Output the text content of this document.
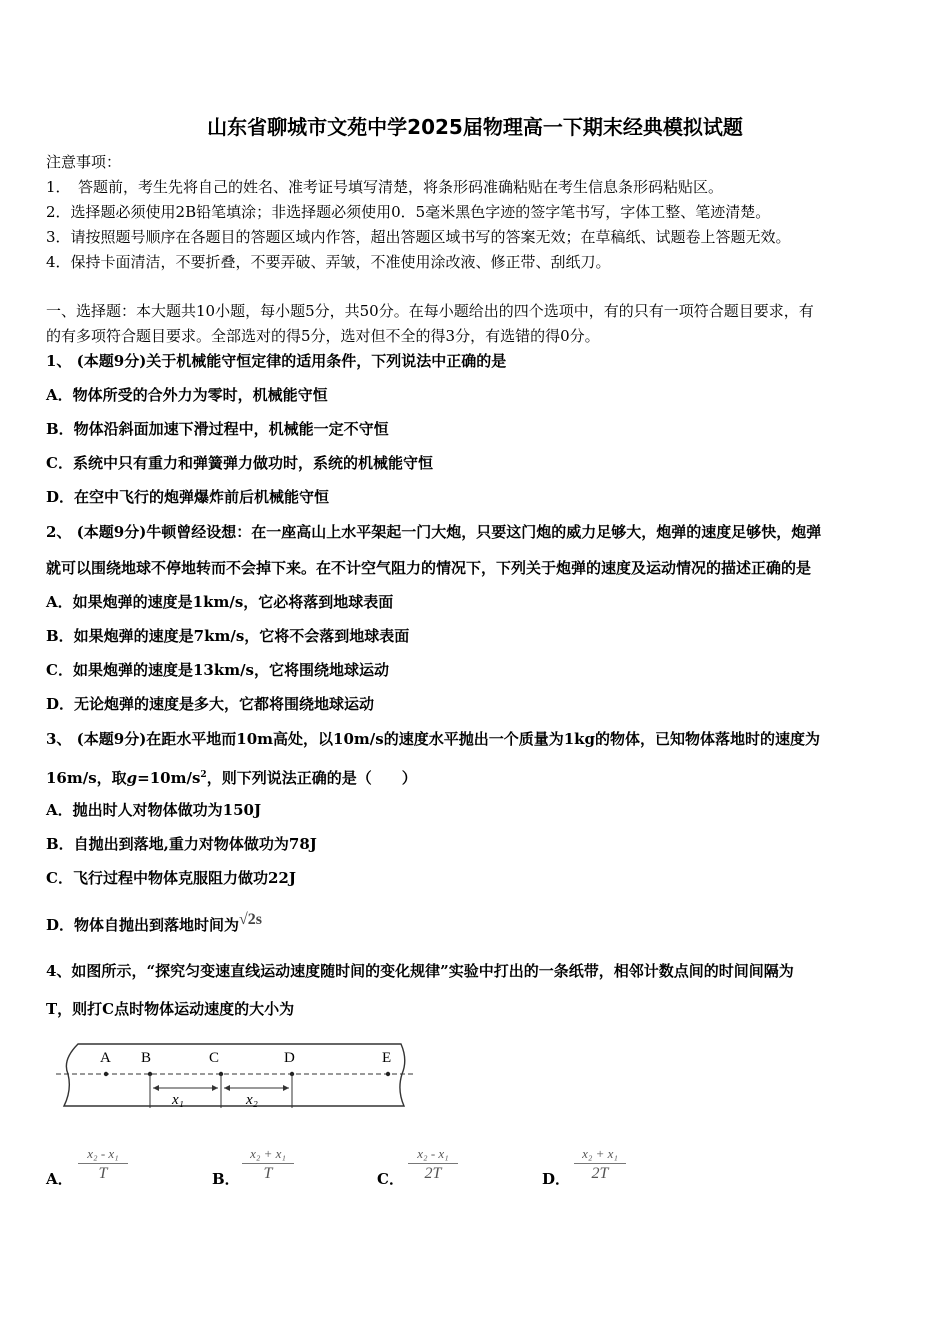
山东省聊城市文苑中学2025届物理高一下期末经典模拟试题
注意事项：
1．　答题前，考生先将自己的姓名、准考证号填写清楚，将条形码准确粘贴在考生信息条形码粘贴区。
2．选择题必须使用2B铅笔填涂；非选择题必须使用0．5毫米黑色字迹的签字笔书写，字体工整、笔迹清楚。
3．请按照题号顺序在各题目的答题区域内作答，超出答题区域书写的答案无效；在草稿纸、试题卷上答题无效。
4．保持卡面清洁，不要折叠，不要弄破、弄皱，不准使用涂改液、修正带、刮纸刀。
一、选择题：本大题共10小题，每小题5分，共50分。在每小题给出的四个选项中，有的只有一项符合题目要求，有
的有多项符合题目要求。全部选对的得5分，选对但不全的得3分，有选错的得0分。
1、 (本题9分)关于机械能守恒定律的适用条件，下列说法中正确的是
A．物体所受的合外力为零时，机械能守恒
B．物体沿斜面加速下滑过程中，机械能一定不守恒
C．系统中只有重力和弹簧弹力做功时，系统的机械能守恒
D．在空中飞行的炮弹爆炸前后机械能守恒
2、 (本题9分)牛顿曾经设想：在一座高山上水平架起一门大炮，只要这门炮的威力足够大，炮弹的速度足够快，炮弹
就可以围绕地球不停地转而不会掉下来。在不计空气阻力的情况下，下列关于炮弹的速度及运动情况的描述正确的是
A．如果炮弹的速度是1km/s，它必将落到地球表面
B．如果炮弹的速度是7km/s，它将不会落到地球表面
C．如果炮弹的速度是13km/s，它将围绕地球运动
D．无论炮弹的速度是多大，它都将围绕地球运动
3、 (本题9分)在距水平地而10m高处，以10m/s的速度水平抛出一个质量为1kg的物体，已知物体落地时的速度为
16m/s，取$g=10m/s^2$，则下列说法正确的是（　　）
A．抛出时人对物体做功为150J
B．自抛出到落地,重力对物体做功为78J
C．飞行过程中物体克服阻力做功22J
D．物体自抛出到落地时间为√2s
4、如图所示，“探究匀变速直线运动速度随时间的变化规律”实验中打出的一条纸带，相邻计数点间的时间间隔为
T，则打C点时物体运动速度的大小为
A B	C	D	E
x₁	x₂
A．
x₂ - x₁
T	B．
x₂ + x₁
T	C．
x₂ - x₁
2T	D．
x₂ + x₁
2T
